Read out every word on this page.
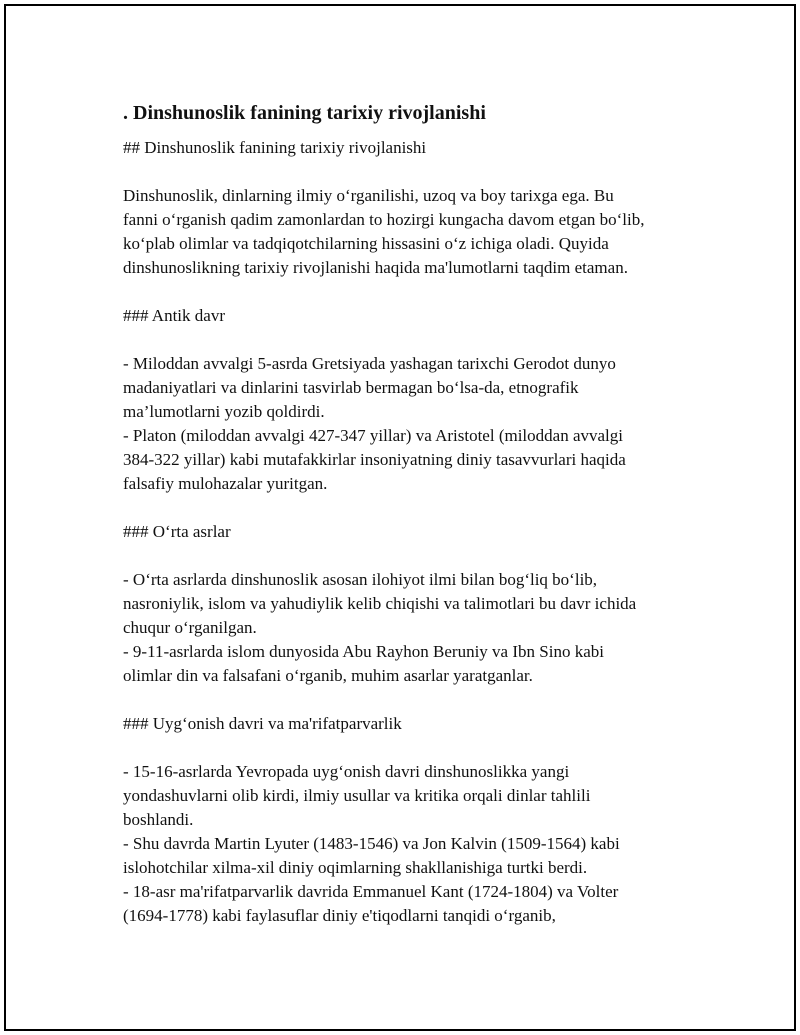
. Dinshunoslik fanining tarixiy rivojlanishi
## Dinshunoslik fanining tarixiy rivojlanishi
Dinshunoslik, dinlarning ilmiy o‘rganilishi, uzoq va boy tarixga ega. Bu
fanni o‘rganish qadim zamonlardan to hozirgi kungacha davom etgan bo‘lib,
ko‘plab olimlar va tadqiqotchilarning hissasini o‘z ichiga oladi. Quyida
dinshunoslikning tarixiy rivojlanishi haqida ma'lumotlarni taqdim etaman.
### Antik davr
- Miloddan avvalgi 5-asrda Gretsiyada yashagan tarixchi Gerodot dunyo
madaniyatlari va dinlarini tasvirlab bermagan bo‘lsa-da, etnografik
ma’lumotlarni yozib qoldirdi.
- Platon (miloddan avvalgi 427-347 yillar) va Aristotel (miloddan avvalgi
384-322 yillar) kabi mutafakkirlar insoniyatning diniy tasavvurlari haqida
falsafiy mulohazalar yuritgan.
### O‘rta asrlar
- O‘rta asrlarda dinshunoslik asosan ilohiyot ilmi bilan bog‘liq bo‘lib,
nasroniylik, islom va yahudiylik kelib chiqishi va talimotlari bu davr ichida
chuqur o‘rganilgan.
- 9-11-asrlarda islom dunyosida Abu Rayhon Beruniy va Ibn Sino kabi
olimlar din va falsafani o‘rganib, muhim asarlar yaratganlar.
### Uyg‘onish davri va ma'rifatparvarlik
- 15-16-asrlarda Yevropada uyg‘onish davri dinshunoslikka yangi
yondashuvlarni olib kirdi, ilmiy usullar va kritika orqali dinlar tahlili
boshlandi.
- Shu davrda Martin Lyuter (1483-1546) va Jon Kalvin (1509-1564) kabi
islohotchilar xilma-xil diniy oqimlarning shakllanishiga turtki berdi.
- 18-asr ma'rifatparvarlik davrida Emmanuel Kant (1724-1804) va Volter
(1694-1778) kabi faylasuflar diniy e'tiqodlarni tanqidi o‘rganib,
